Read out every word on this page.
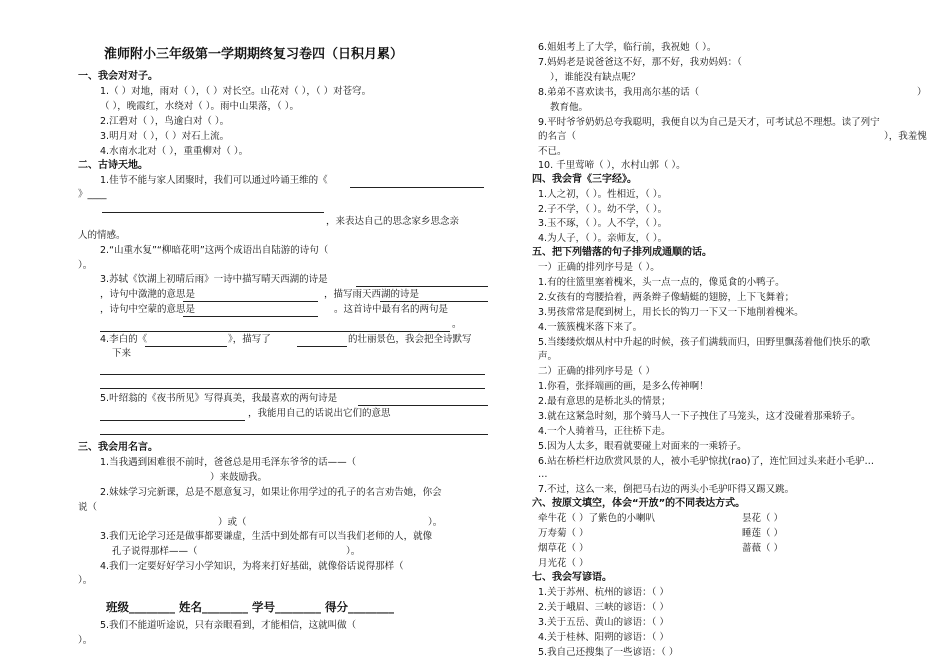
淮师附小三年级第一学期期终复习卷四（日积月累）
一、我会对对子。
1.（ ）对地，雨对（ ），（ ）对长空。山花对（ ），（ ）对苍穹。
（ ），晚霞红，水绕对（ ）。雨中山果落，（ ）。
2.江碧对（ ），鸟逾白对（ ）。
3.明月对（ ），（ ）对石上流。
4.水南水北对（ ），重重柳对（ ）。
二、古诗天地。
1.佳节不能与家人团聚时，我们可以通过吟诵王维的《
》____
，来表达自己的思念家乡思念亲
人的情感。
2.“山重水复”“柳暗花明”这两个成语出自陆游的诗句（
）。
3.苏轼《饮湖上初晴后雨》一诗中描写晴天西湖的诗是
，诗句中潋滟的意思是	，描写雨天西湖的诗是
，诗句中空蒙的意思是	。这首诗中最有名的两句是
。
4.李白的《	》，描写了	的壮丽景色，我会把全诗默写
下来
5.叶绍翁的《夜书所见》写得真美，我最喜欢的两句诗是
，我能用自己的话说出它们的意思
三、我会用名言。
1.当我遇到困难很不前时，爸爸总是用毛泽东爷爷的话——（
）来鼓励我。
2.妹妹学习完新课，总是不愿意复习，如果让你用学过的孔子的名言劝告她，你会
说（
）或（	）。
3.我们无论学习还是做事都要谦虚，生活中到处都有可以当我们老师的人，就像
孔子说得那样——（	）。
4.我们一定要好好学习小学知识，为将来打好基础，就像俗话说得那样（
）。
班级________ 姓名________ 学号________ 得分________
5.我们不能道听途说，只有亲眼看到，才能相信，这就叫做（
）。
6.姐姐考上了大学，临行前，我祝她（ ）。
7.妈妈老是说爸爸这不好，那不好，我劝妈妈：（
），谁能没有缺点呢？
8.弟弟不喜欢读书，我用高尔基的话（	）
教育他。
9.平时爷爷奶奶总夸我聪明，我便自以为自己是天才，可考试总不理想。读了列宁
的名言（	），我羞愧
不已。
10. 千里莺啼（ ），水村山郭（ ）。
四、我会背《三字经》。
1.人之初，（ ）。性相近，（ ）。
2.子不学，（ ）。幼不学，（ ）。
3.玉不琢，（ ）。人不学，（ ）。
4.为人子，（ ）。亲师友，（ ）。
五、把下列错落的句子排列成通顺的话。
一）正确的排列序号是（ ）。
1.有的往篮里塞着槐米，头一点一点的，像觅食的小鸭子。
2.女孩有的弯腰拾着，两条辫子像蜻蜓的翅膀，上下飞舞着；
3.男孩常常是爬到树上，用长长的钩刀一下又一下地削着槐米。
4.一簇簇槐米落下来了。
5.当缕缕炊烟从村中升起的时候，孩子们满载而归，田野里飘荡着他们快乐的歌
声。
二）正确的排列序号是（ ）
1.你看，张择端画的画，是多么传神啊！
2.最有意思的是桥北头的情景；
3.就在这紧急时刻，那个骑马人一下子拽住了马笼头，这才没碰着那乘轿子。
4.一个人骑着马，正往桥下走。
5.因为人太多，眼看就要碰上对面来的一乘轿子。
6.站在桥栏杆边欣赏风景的人，被小毛驴惊扰(rao)了，连忙回过头来赶小毛驴…
…
7.不过，这么一来，倒把马右边的两头小毛驴吓得又踢又跳。
六、按原文填空，体会“开放”的不同表达方式。
牵牛花（ ）了紫色的小喇叭	昙花（ ）
万寿菊（ ）	睡莲（ ）
烟草花（ ）	蔷薇（ ）
月光花（ ）
七、我会写谚语。
1.关于苏州、杭州的谚语：（ ）
2.关于峨眉、三峡的谚语：（ ）
3.关于五岳、黄山的谚语：（ ）
4.关于桂林、阳朔的谚语：（ ）
5.我自己还搜集了一些谚语：（ ）
